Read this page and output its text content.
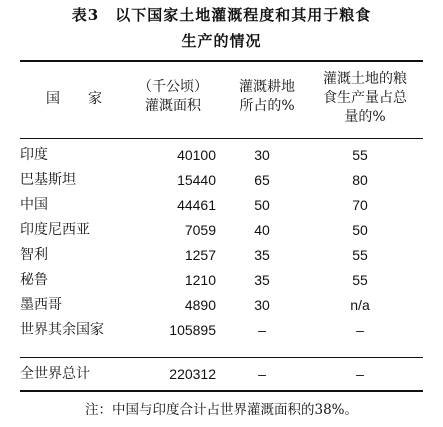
表3　以下国家土地灌溉程度和其用于粮食
生产的情况
国　　家
（千公顷）
灌溉面积
灌溉耕地
所占的%
灌溉土地的粮
食生产量占总
量的%
印度	40100	30	55
巴基斯坦	15440	65	80
中国	44461	50	70
印度尼西亚	7059	40	50
智利	1257	35	55
秘鲁	1210	35	55
墨西哥	4890	30	n/a
世界其余国家	105895	–	–
全世界总计	220312	–	–
注：中国与印度合计占世界灌溉面积的38%。
